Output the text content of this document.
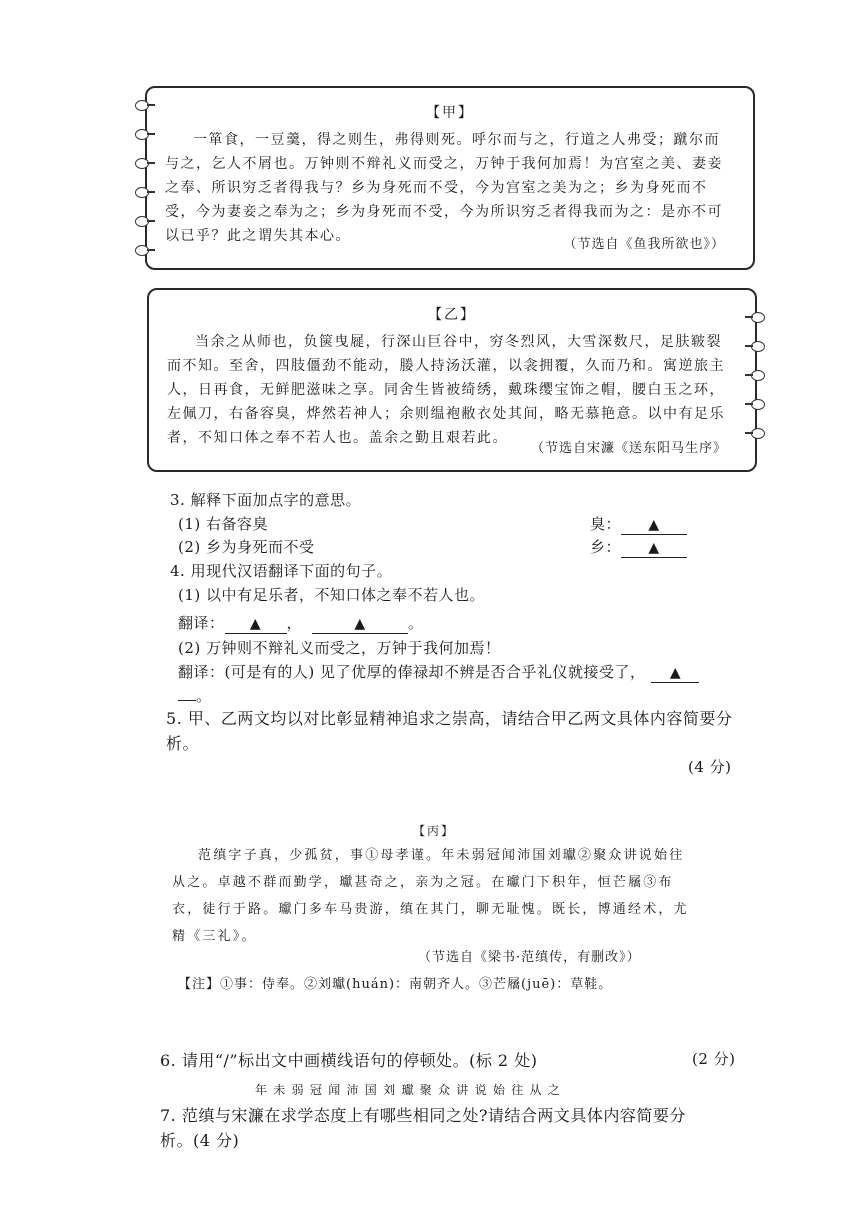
【甲】
一箪食，一豆羹，得之则生，弗得则死。呼尔而与之，行道之人弗受；蹴尔而与之，乞人不屑也。万钟则不辩礼义而受之，万钟于我何加焉！为宫室之美、妻妾之奉、所识穷乏者得我与？乡为身死而不受，今为宫室之美为之；乡为身死而不受，今为妻妾之奉为之；乡为身死而不受，今为所识穷乏者得我而为之：是亦不可以已乎？此之谓失其本心。
（节选自《鱼我所欲也》）
【乙】
当余之从师也，负箧曳屣，行深山巨谷中，穷冬烈风，大雪深数尺，足肤皲裂而不知。至舍，四肢僵劲不能动，媵人持汤沃灌，以衾拥覆，久而乃和。寓逆旅主人，日再食，无鲜肥滋味之享。同舍生皆被绮绣，戴珠缨宝饰之帽，腰白玉之环，左佩刀，右备容臭，烨然若神人；余则缊袍敝衣处其间，略无慕艳意。以中有足乐者，不知口体之奉不若人也。盖余之勤且艰若此。
（节选自宋濂《送东阳马生序》
3. 解释下面加点字的意思。
(1) 右备容臭	臭： ▲
(2) 乡为身死而不受	乡： ▲
4. 用现代汉语翻译下面的句子。
(1) 以中有足乐者，不知口体之奉不若人也。
翻译： ▲ ，	▲	。
(2) 万钟则不辩礼义而受之，万钟于我何加焉！
翻译：(可是有的人) 见了优厚的俸禄却不辨是否合乎礼仪就接受了， ▲
。
5. 甲、乙两文均以对比彰显精神追求之崇高，请结合甲乙两文具体内容简要分
析。
(4 分)
【丙】
范缜字子真，少孤贫，事①母孝谨。年未弱冠闻沛国刘瓛②聚众讲说始往从之。卓越不群而勤学，瓛甚奇之，亲为之冠。在瓛门下积年，恒芒屩③布衣，徒行于路。瓛门多车马贵游，缜在其门，聊无耻愧。既长，博通经术，尤精《三礼》。
（节选自《梁书·范缜传，有删改》）
【注】①事：侍奉。②刘瓛(huán)：南朝齐人。③芒屩(juē)：草鞋。
6. 请用“/”标出文中画横线语句的停顿处。(标 2 处)	(2 分)
年未弱冠闻沛国刘瓛聚众讲说始往从之
7. 范缜与宋濂在求学态度上有哪些相同之处?请结合两文具体内容简要分
析。(4 分)
